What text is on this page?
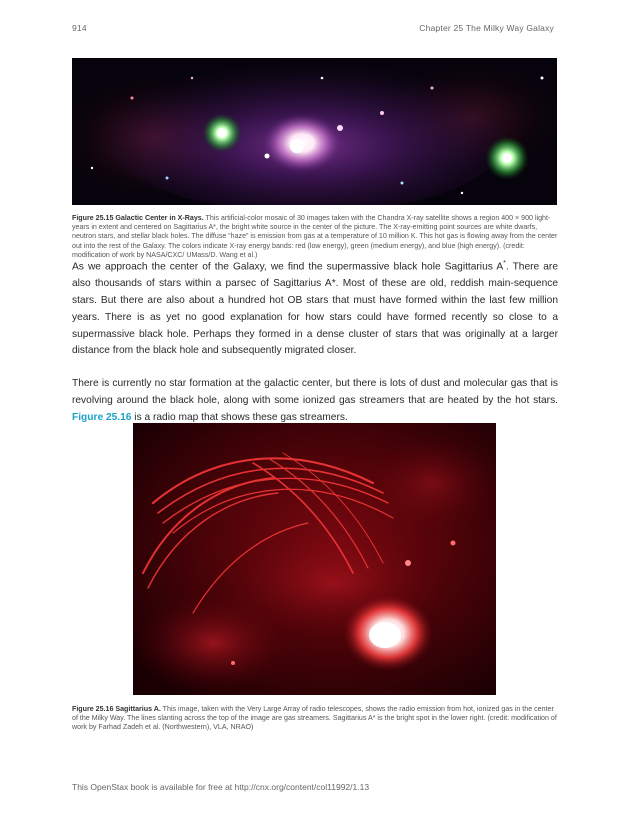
914	Chapter 25 The Milky Way Galaxy
Figure 25.15 Galactic Center in X-Rays. This artificial-color mosaic of 30 images taken with the Chandra X-ray satellite shows a region 400 × 900 light-years in extent and centered on Sagittarius A*, the bright white source in the center of the picture. The X-ray-emitting point sources are white dwarfs, neutron stars, and stellar black holes. The diffuse “haze” is emission from gas at a temperature of 10 million K. This hot gas is flowing away from the center out into the rest of the Galaxy. The colors indicate X-ray energy bands: red (low energy), green (medium energy), and blue (high energy). (credit: modification of work by NASA/CXC/ UMass/D. Wang et al.)
As we approach the center of the Galaxy, we find the supermassive black hole Sagittarius A*. There are also thousands of stars within a parsec of Sagittarius A*. Most of these are old, reddish main-sequence stars. But there are also about a hundred hot OB stars that must have formed within the last few million years. There is as yet no good explanation for how stars could have formed recently so close to a supermassive black hole. Perhaps they formed in a dense cluster of stars that was originally at a larger distance from the black hole and subsequently migrated closer.
There is currently no star formation at the galactic center, but there is lots of dust and molecular gas that is revolving around the black hole, along with some ionized gas streamers that are heated by the hot stars. Figure 25.16 is a radio map that shows these gas streamers.
Figure 25.16 Sagittarius A. This image, taken with the Very Large Array of radio telescopes, shows the radio emission from hot, ionized gas in the center of the Milky Way. The lines slanting across the top of the image are gas streamers. Sagittarius A* is the bright spot in the lower right. (credit: modification of work by Farhad Zadeh et al. (Northwestern), VLA, NRAO)
This OpenStax book is available for free at http://cnx.org/content/col11992/1.13
